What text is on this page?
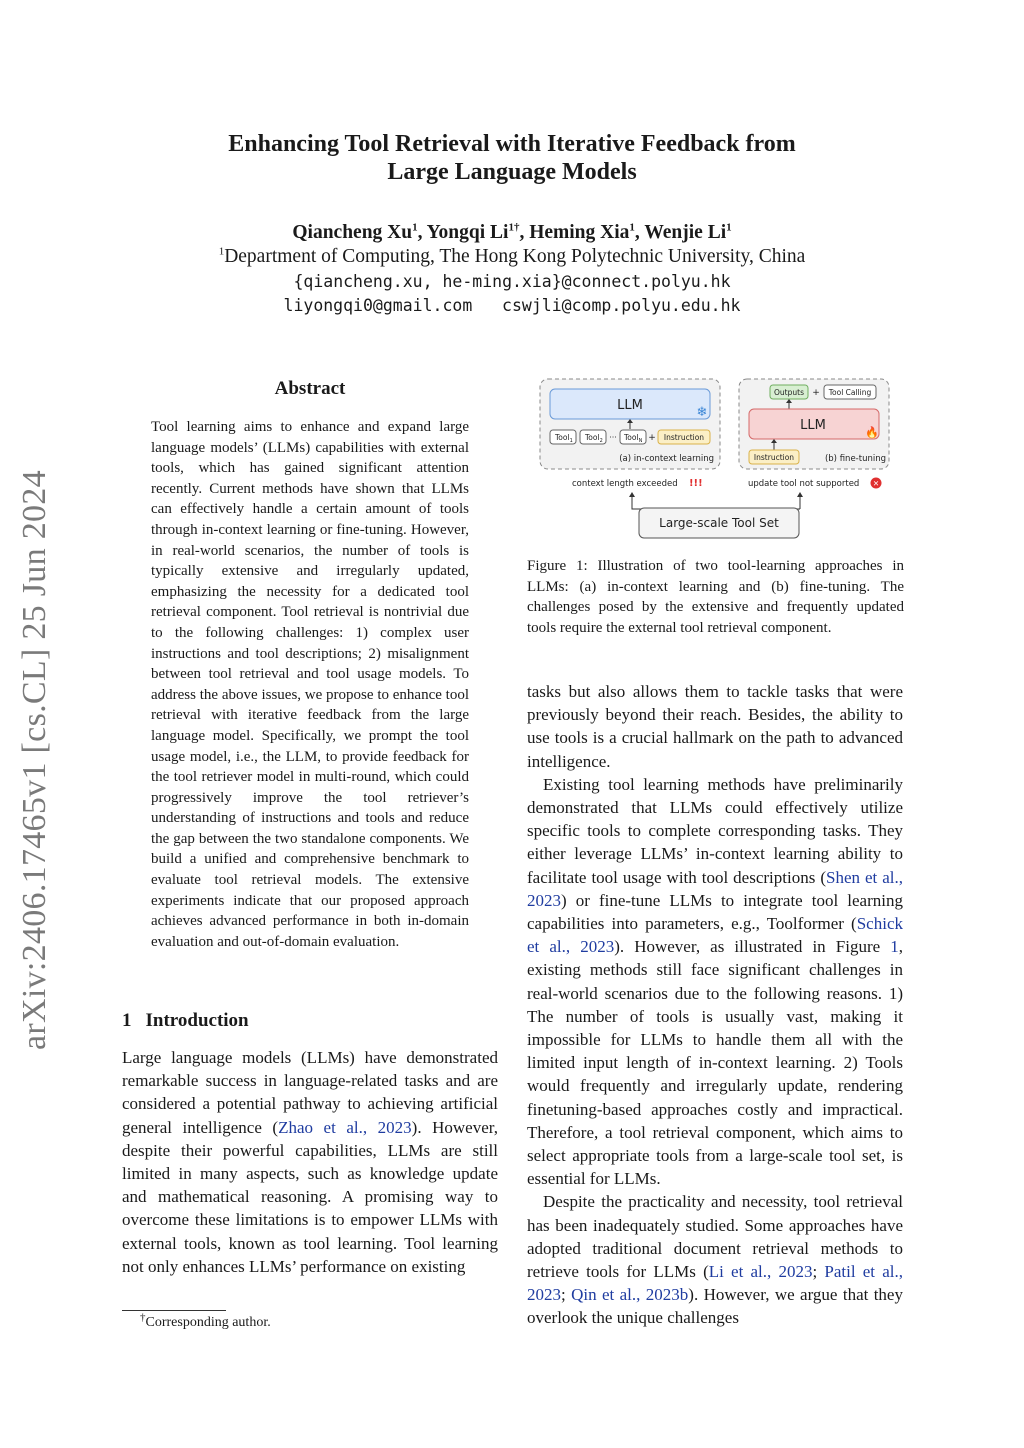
arXiv:2406.17465v1 [cs.CL] 25 Jun 2024
Enhancing Tool Retrieval with Iterative Feedback from
Large Language Models
Qiancheng Xu$^1$, Yongqi $Li^{1\dagger}$, Heming Xia$^1$, Wenjie Li$^1$
$^1$Department of Computing, The Hong Kong Polytechnic University, China
{qiancheng.xu, he-ming.xia}@connect.polyu.hk
liyongqi0@gmail.com   cswjli@comp.polyu.edu.hk
Abstract
Tool learning aims to enhance and expand large language models’ (LLMs) capabilities with external tools, which has gained significant attention recently. Current methods have shown that LLMs can effectively handle a certain amount of tools through in-context learning or fine-tuning. However, in real-world scenarios, the number of tools is typically extensive and irregularly updated, emphasizing the necessity for a dedicated tool retrieval component. Tool retrieval is nontrivial due to the following challenges: 1) complex user instructions and tool descriptions; 2) misalignment between tool retrieval and tool usage models. To address the above issues, we propose to enhance tool retrieval with iterative feedback from the large language model. Specifically, we prompt the tool usage model, i.e., the LLM, to provide feedback for the tool retriever model in multi-round, which could progressively improve the tool retriever’s understanding of instructions and tools and reduce the gap between the two standalone components. We build a unified and comprehensive benchmark to evaluate tool retrieval models. The extensive experiments indicate that our proposed approach achieves advanced performance in both in-domain evaluation and out-of-domain evaluation.
1 Introduction

Large language models (LLMs) have demonstrated remarkable success in language-related tasks and are considered a potential pathway to achieving artificial general intelligence (Zhao et al., 2023). However, despite their powerful capabilities, LLMs are still limited in many aspects, such as knowledge update and mathematical reasoning. A promising way to overcome these limitations is to empower LLMs with external tools, known as tool learning. Tool learning not only enhances LLMs’ performance on existing

tasks but also allows them to tackle tasks that were previously beyond their reach. Besides, the ability to use tools is a crucial hallmark on the path to advanced intelligence.

Existing tool learning methods have preliminarily demonstrated that LLMs could effectively utilize specific tools to complete corresponding tasks. They either leverage LLMs’ in-context learning ability to facilitate tool usage with tool descriptions (Shen et al., 2023) or fine-tune LLMs to integrate tool learning capabilities into parameters, e.g., Toolformer (Schick et al., 2023). However, as illustrated in Figure 1, existing methods still face significant challenges in real-world scenarios due to the following reasons. 1) The number of tools is usually vast, making it impossible for LLMs to handle them all with the limited input length of in-context learning. 2) Tools would frequently and irregularly update, rendering finetuning-based approaches costly and impractical. Therefore, a tool retrieval component, which aims to select appropriate tools from a large-scale tool set, is essential for LLMs.

Despite the practicality and necessity, tool retrieval has been inadequately studied. Some approaches have adopted traditional document retrieval methods to retrieve tools for LLMs (Li et al., 2023; Patil et al., 2023; Qin et al., 2023b). However, we argue that they overlook the unique challenges

†Corresponding author.
LLM	❄
Tool$_1$ Tool$_2$ ··· Tool$_N$ + Instruction
(a) in-context learning
Outputs + Tool Calling
LLM	🔥
Instruction	(b) fine-tuning
context length exceeded !!!	update tool not supported ✕
Large-scale Tool Set
Figure 1: Illustration of two tool-learning approaches in LLMs: (a) in-context learning and (b) fine-tuning. The challenges posed by the extensive and frequently updated tools require the external tool retrieval component.
